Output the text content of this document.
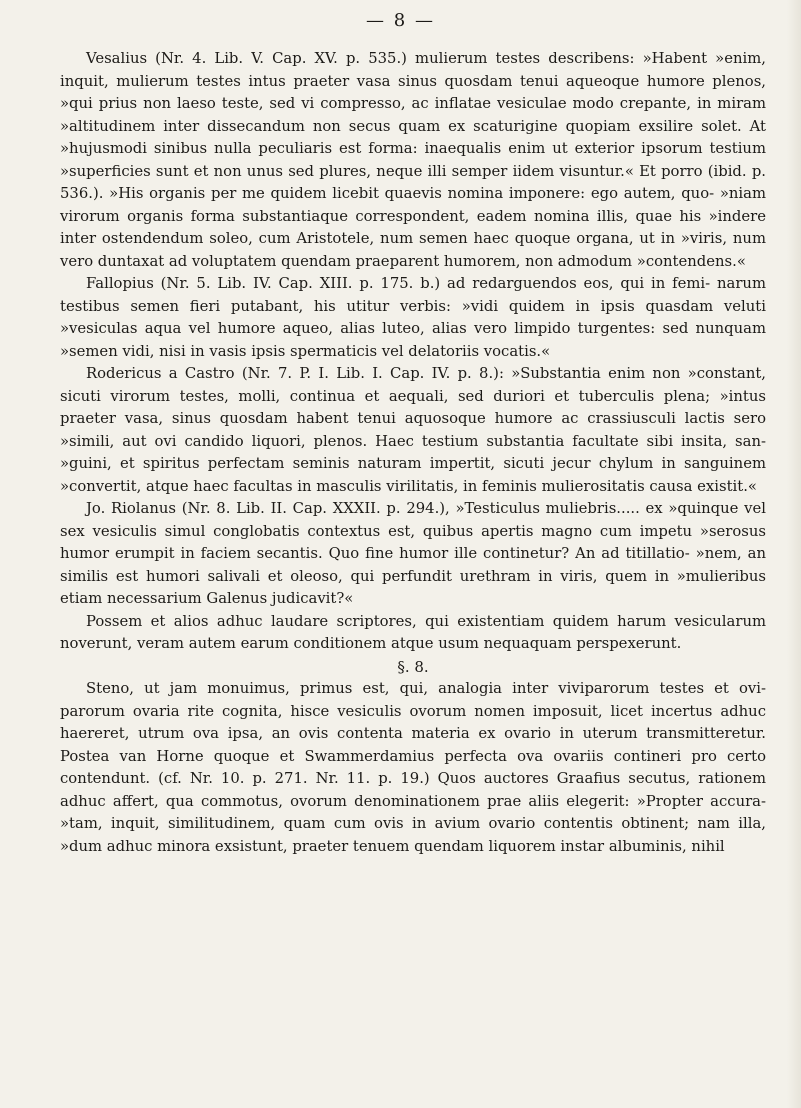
— 8 —

Vesalius (Nr. 4. Lib. V. Cap. XV. p. 535.) mulierum testes describens: »Habent »enim, inquit, mulierum testes intus praeter vasa sinus quosdam tenui aqueoque humore plenos, »qui prius non laeso teste, sed vi compresso, ac inflatae vesiculae modo crepante, in miram »altitudinem inter dissecandum non secus quam ex scaturigine quopiam exsilire solet. At »hujusmodi sinibus nulla peculiaris est forma: inaequalis enim ut exterior ipsorum testium »superficies sunt et non unus sed plures, neque illi semper iidem visuntur.« Et porro (ibid. p. 536.). »His organis per me quidem licebit quaevis nomina imponere: ego autem, quo- »niam virorum organis forma substantiaque correspondent, eadem nomina illis, quae his »indere inter ostendendum soleo, cum Aristotele, num semen haec quoque organa, ut in »viris, num vero duntaxat ad voluptatem quendam praeparent humorem, non admodum »contendens.«

Fallopius (Nr. 5. Lib. IV. Cap. XIII. p. 175. b.) ad redarguendos eos, qui in femi- narum testibus semen fieri putabant, his utitur verbis: »vidi quidem in ipsis quasdam veluti »vesiculas aqua vel humore aqueo, alias luteo, alias vero limpido turgentes: sed nunquam »semen vidi, nisi in vasis ipsis spermaticis vel delatoriis vocatis.«

Rodericus a Castro (Nr. 7. P. I. Lib. I. Cap. IV. p. 8.): »Substantia enim non »constant, sicuti virorum testes, molli, continua et aequali, sed duriori et tuberculis plena; »intus praeter vasa, sinus quosdam habent tenui aquosoque humore ac crassiusculi lactis sero »simili, aut ovi candido liquori, plenos. Haec testium substantia facultate sibi insita, san- »guini, et spiritus perfectam seminis naturam impertit, sicuti jecur chylum in sanguinem »convertit, atque haec facultas in masculis virilitatis, in feminis mulierositatis causa existit.«

Jo. Riolanus (Nr. 8. Lib. II. Cap. XXXII. p. 294.), »Testiculus muliebris..... ex »quinque vel sex vesiculis simul conglobatis contextus est, quibus apertis magno cum impetu »serosus humor erumpit in faciem secantis. Quo fine humor ille continetur? An ad titillatio- »nem, an similis est humori salivali et oleoso, qui perfundit urethram in viris, quem in »mulieribus etiam necessarium Galenus judicavit?«

Possem et alios adhuc laudare scriptores, qui existentiam quidem harum vesicularum noverunt, veram autem earum conditionem atque usum nequaquam perspexerunt.

§. 8.

Steno, ut jam monuimus, primus est, qui, analogia inter viviparorum testes et ovi- parorum ovaria rite cognita, hisce vesiculis ovorum nomen imposuit, licet incertus adhuc haereret, utrum ova ipsa, an ovis contenta materia ex ovario in uterum transmitteretur. Postea van Horne quoque et Swammerdamius perfecta ova ovariis contineri pro certo contendunt. (cf. Nr. 10. p. 271. Nr. 11. p. 19.) Quos auctores Graafius secutus, rationem adhuc affert, qua commotus, ovorum denominationem prae aliis elegerit: »Propter accura- »tam, inquit, similitudinem, quam cum ovis in avium ovario contentis obtinent; nam illa, »dum adhuc minora exsistunt, praeter tenuem quendam liquorem instar albuminis, nihil
